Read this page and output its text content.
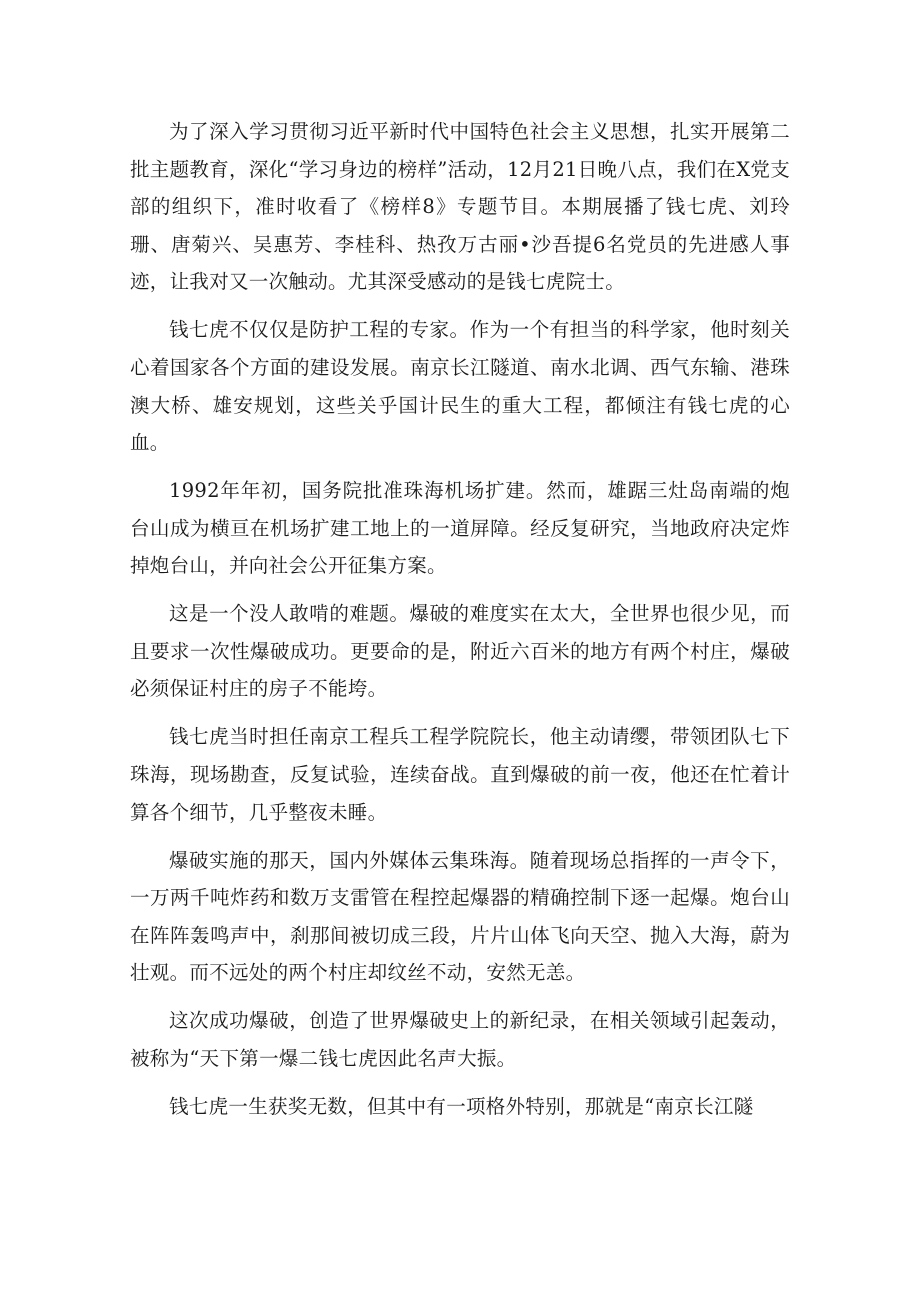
为了深入学习贯彻习近平新时代中国特色社会主义思想，扎实开展第二批主题教育，深化“学习身边的榜样”活动，12月21日晚八点，我们在X党支部的组织下，准时收看了《榜样8》专题节目。本期展播了钱七虎、刘玲珊、唐菊兴、吴惠芳、李桂科、热孜万古丽•沙吾提6名党员的先进感人事迹，让我对又一次触动。尤其深受感动的是钱七虎院士。

钱七虎不仅仅是防护工程的专家。作为一个有担当的科学家，他时刻关心着国家各个方面的建设发展。南京长江隧道、南水北调、西气东输、港珠澳大桥、雄安规划，这些关乎国计民生的重大工程，都倾注有钱七虎的心血。

1992年年初，国务院批准珠海机场扩建。然而，雄踞三灶岛南端的炮台山成为横亘在机场扩建工地上的一道屏障。经反复研究，当地政府决定炸掉炮台山，并向社会公开征集方案。

这是一个没人敢啃的难题。爆破的难度实在太大，全世界也很少见，而且要求一次性爆破成功。更要命的是，附近六百米的地方有两个村庄，爆破必须保证村庄的房子不能垮。

钱七虎当时担任南京工程兵工程学院院长，他主动请缨，带领团队七下珠海，现场勘查，反复试验，连续奋战。直到爆破的前一夜，他还在忙着计算各个细节，几乎整夜未睡。

爆破实施的那天，国内外媒体云集珠海。随着现场总指挥的一声令下，一万两千吨炸药和数万支雷管在程控起爆器的精确控制下逐一起爆。炮台山在阵阵轰鸣声中，刹那间被切成三段，片片山体飞向天空、抛入大海，蔚为壮观。而不远处的两个村庄却纹丝不动，安然无恙。

这次成功爆破，创造了世界爆破史上的新纪录，在相关领域引起轰动，被称为“天下第一爆二钱七虎因此名声大振。

钱七虎一生获奖无数，但其中有一项格外特别，那就是“南京长江隧
